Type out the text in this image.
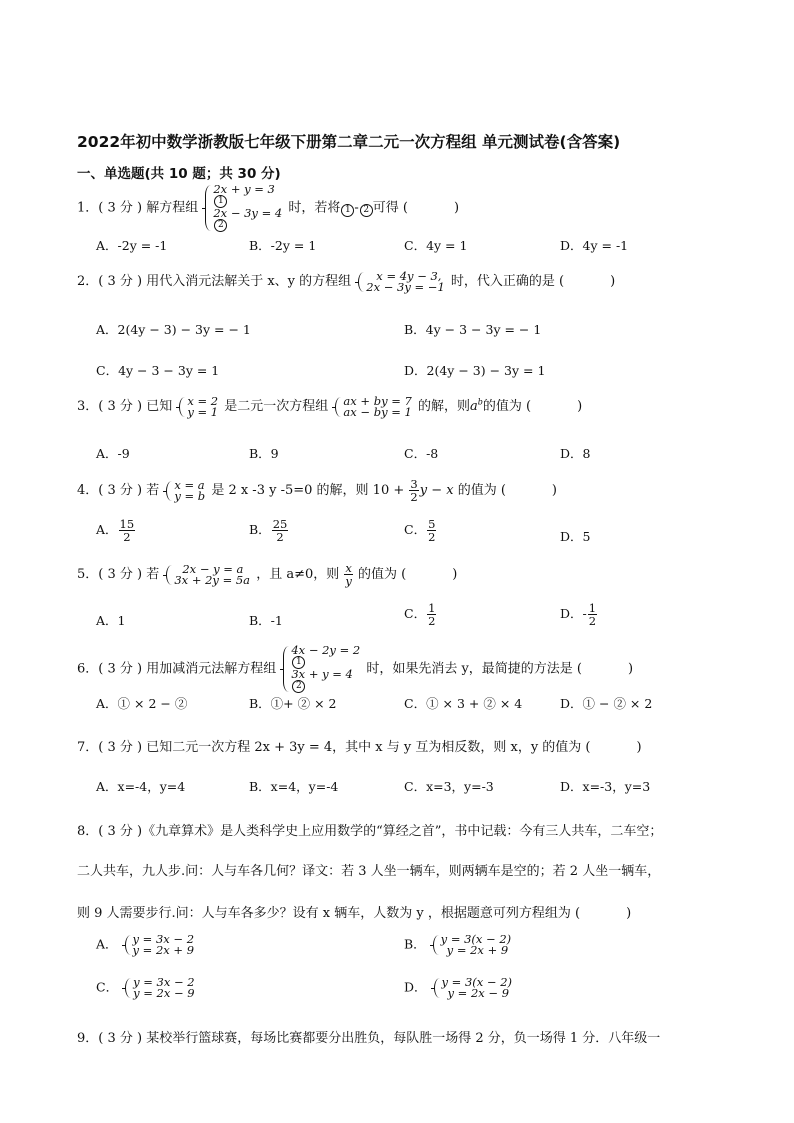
2022年初中数学浙教版七年级下册第二章二元一次方程组 单元测试卷(含答案)
一、单选题(共 10 题；共 30 分)
1．( 3 分 ) 解方程组
2x + y = 3
1
2x − 3y = 4
2
时，若将 1 - 2 可得 (	)
A．-2y = -1	B．-2y = 1	C．4y = 1	D．4y = -1
2．( 3 分 ) 用代入消元法解关于 x、y 的方程组	x = 4y − 3,
2x − 3y = −1 时，代入正确的是 (	)
A．2(4y − 3) − 3y = − 1	B．4y − 3 − 3y = − 1
C．4y − 3 − 3y = 1	D．2(4y − 3) − 3y = 1
3．( 3 分 ) 已知 x = 2
y = 1 是二元一次方程组 ax + by = 7
ax − by = 1 的解，则$a^b$的值为 (	)
A．-9	B．9	C．-8	D．8
4．( 3 分 ) 若 x = a
y = b 是 2 x -3 y -5=0 的解，则 $10 + \frac{3}{2}$ y − x 的值为 (	)
A． $\frac{15}{2}$	B． $\frac{25}{2}$	C． $\frac{5}{2}$	D．5
5．( 3 分 ) 若	2x − y = a
3x + 2y = 5a ，且 a≠0，则 $\frac{x}{y}$ 的值为 (	)
A．1	B．-1	C． $\frac{1}{2}$	D．- $\frac{1}{2}$
6．( 3 分 ) 用加减消元法解方程组
4x − 2y = 2
1
3x + y = 4
2
时，如果先消去 y，最简捷的方法是 (	)
A．① × 2 − ②	B．①+ ② × 2	C．① × 3 + ② × 4	D．① − ② × 2
7．( 3 分 ) 已知二元一次方程 2x + 3y = 4，其中 x 与 y 互为相反数，则 x，y 的值为 (	)
A．x=-4，y=4	B．x=4，y=-4	C．x=3，y=-3	D．x=-3，y=3
8．( 3 分 )《九章算术》是人类科学史上应用数学的“算经之首”，书中记载：今有三人共车，二车空；
二人共车，九人步.问：人与车各几何？译文：若 3 人坐一辆车，则两辆车是空的；若 2 人坐一辆车，
则 9 人需要步行.问：人与车各多少？设有 x 辆车，人数为 y ，根据题意可列方程组为 (	)
A． y = 3x − 2
y = 2x + 9	B． y = 3(x − 2)
y = 2x + 9
C． y = 3x − 2
y = 2x − 9	D． y = 3(x − 2)
y = 2x − 9
9．( 3 分 ) 某校举行篮球赛，每场比赛都要分出胜负，每队胜一场得 2 分，负一场得 1 分．八年级一
